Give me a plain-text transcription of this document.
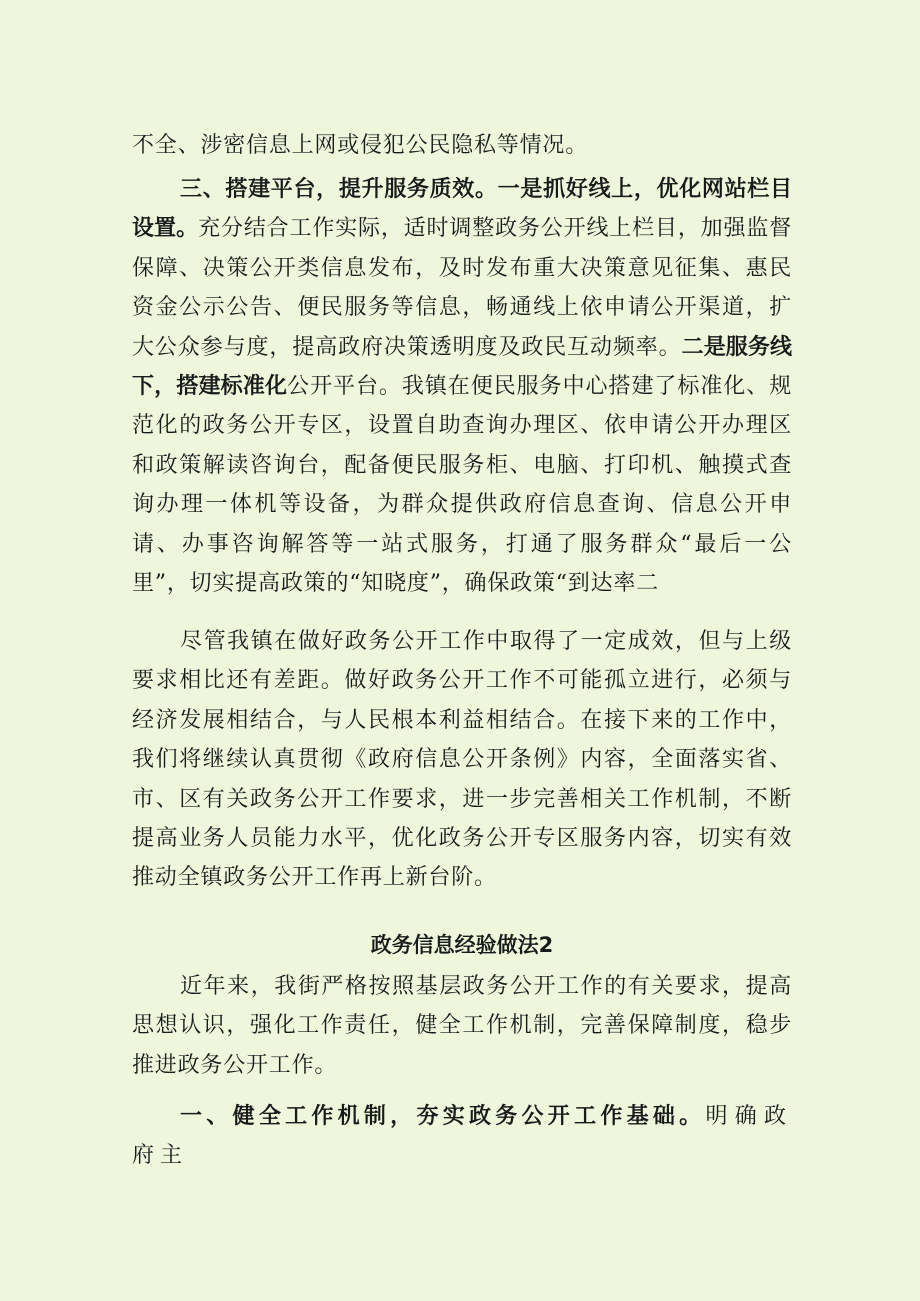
不全、涉密信息上网或侵犯公民隐私等情况。

三、搭建平台，提升服务质效。一是抓好线上，优化网站栏目设置。充分结合工作实际，适时调整政务公开线上栏目，加强监督保障、决策公开类信息发布，及时发布重大决策意见征集、惠民资金公示公告、便民服务等信息，畅通线上依申请公开渠道，扩大公众参与度，提高政府决策透明度及政民互动频率。二是服务线下，搭建标准化公开平台。我镇在便民服务中心搭建了标准化、规范化的政务公开专区，设置自助查询办理区、依申请公开办理区和政策解读咨询台，配备便民服务柜、电脑、打印机、触摸式查询办理一体机等设备，为群众提供政府信息查询、信息公开申请、办事咨询解答等一站式服务，打通了服务群众“最后一公里”，切实提高政策的“知晓度”，确保政策“到达率二

尽管我镇在做好政务公开工作中取得了一定成效，但与上级要求相比还有差距。做好政务公开工作不可能孤立进行，必须与经济发展相结合，与人民根本利益相结合。在接下来的工作中，我们将继续认真贯彻《政府信息公开条例》内容，全面落实省、市、区有关政务公开工作要求，进一步完善相关工作机制，不断提高业务人员能力水平，优化政务公开专区服务内容，切实有效推动全镇政务公开工作再上新台阶。

政务信息经验做法2

近年来，我街严格按照基层政务公开工作的有关要求，提高思想认识，强化工作责任，健全工作机制，完善保障制度，稳步推进政务公开工作。

一、健全工作机制，夯实政务公开工作基础。明确政府主
